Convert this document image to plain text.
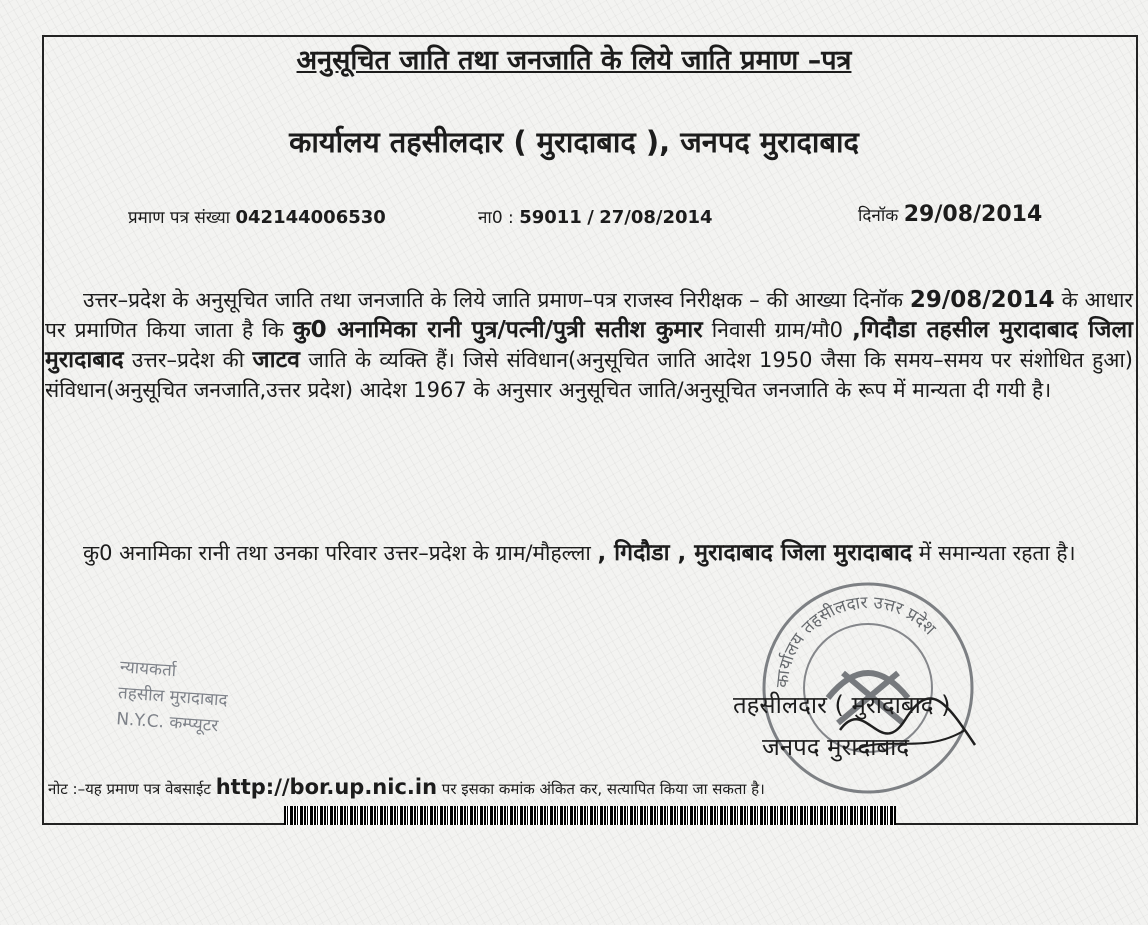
अनुसूचित जाति तथा जनजाति के लिये जाति प्रमाण –पत्र
कार्यालय तहसीलदार ( मुरादाबाद ), जनपद मुरादाबाद
प्रमाण पत्र संख्या 042144006530	ना0 : 59011 / 27/08/2014	दिनॉक 29/08/2014
उत्तर–प्रदेश के अनुसूचित जाति तथा जनजाति के लिये जाति प्रमाण–पत्र राजस्व निरीक्षक – की आख्या दिनॉक 29/08/2014 के आधार पर प्रमाणित किया जाता है कि कु0 अनामिका रानी पुत्र/पत्नी/पुत्री सतीश कुमार निवासी ग्राम/मौ0 ,गिदौडा तहसील मुरादाबाद जिला मुरादाबाद उत्तर–प्रदेश की जाटव जाति के व्यक्ति हैं। जिसे संविधान(अनुसूचित जाति आदेश 1950 जैसा कि समय–समय पर संशोधित हुआ) संविधान(अनुसूचित जनजाति,उत्तर प्रदेश) आदेश 1967 के अनुसार अनुसूचित जाति/अनुसूचित जनजाति के रूप में मान्यता दी गयी है।
कु0 अनामिका रानी तथा उनका परिवार उत्तर–प्रदेश के ग्राम/मौहल्ला , गिदौडा , मुरादाबाद जिला मुरादाबाद में समान्यता रहता है।
न्यायकर्ता
तहसील मुरादाबाद
N.Y.C. कम्प्यूटर
कार्यालय तहसीलदार उत्तर प्रदेश
तहसीलदार ( मुरादाबाद )
जनपद मुरादाबाद
नोट :–यह प्रमाण पत्र वेबसाईट http://bor.up.nic.in पर इसका कमांक अंकित कर, सत्यापित किया जा सकता है।
